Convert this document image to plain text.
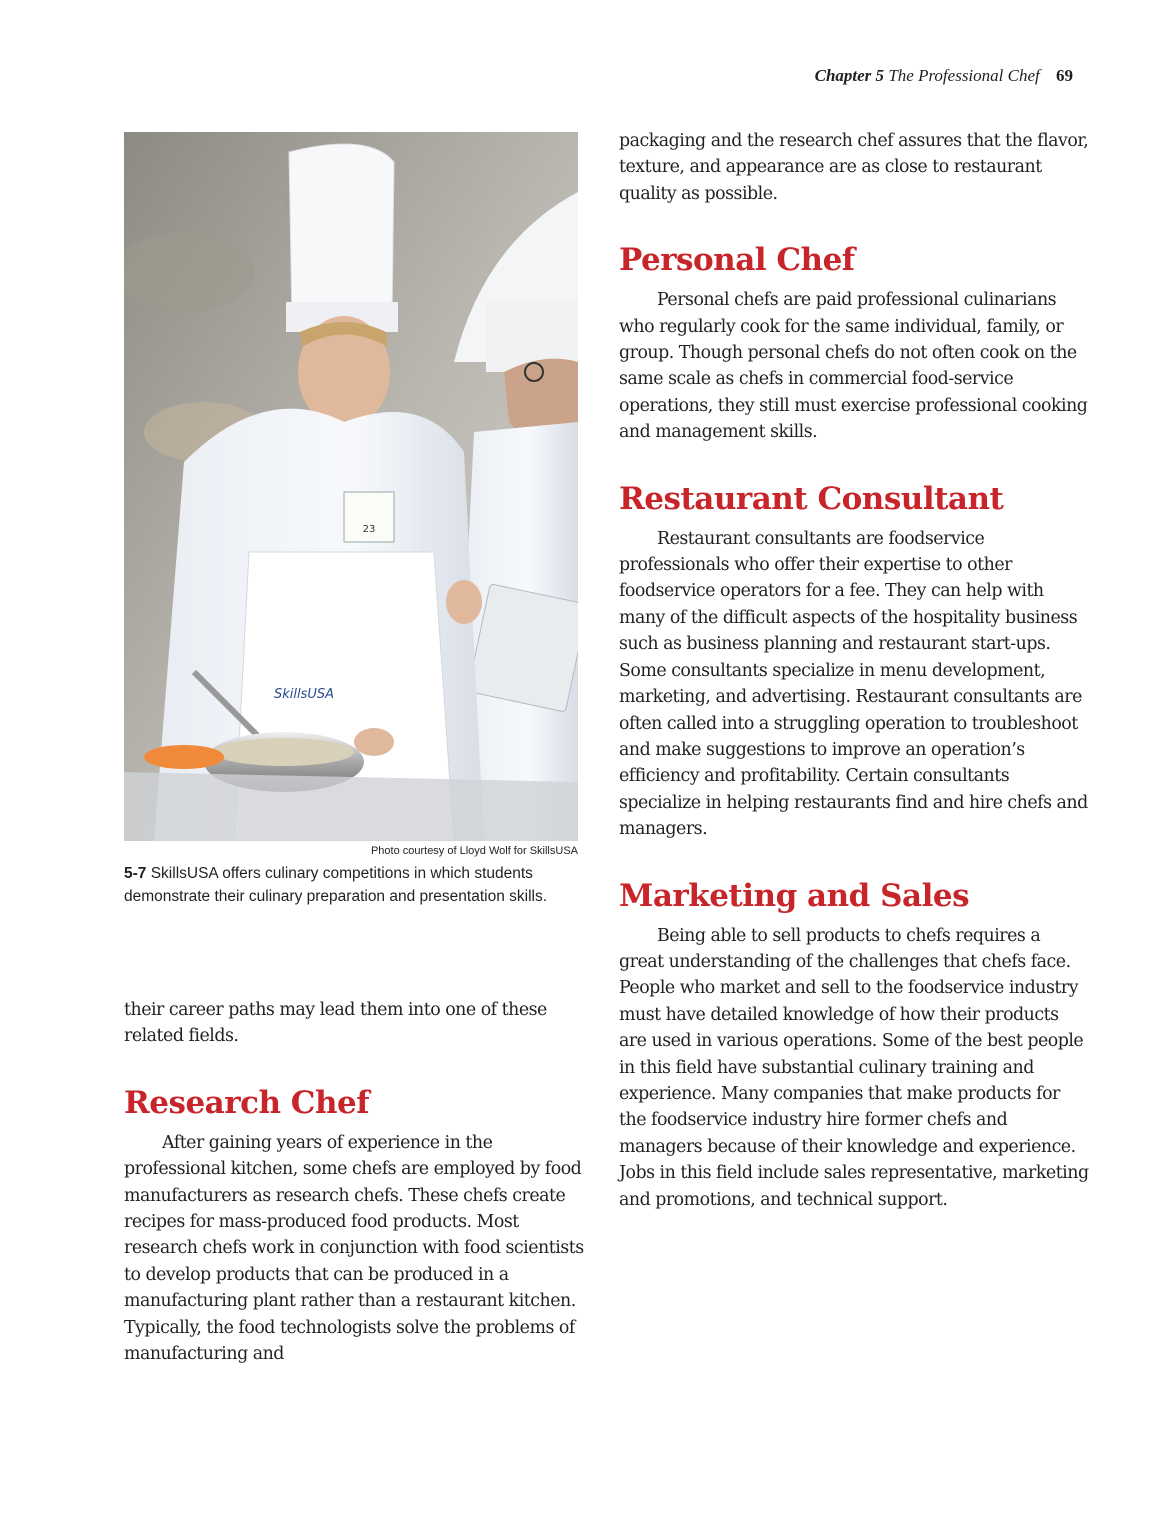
Chapter 5 The Professional Chef 69
23
SkillsUSA
Photo courtesy of Lloyd Wolf for SkillsUSA
5-7 SkillsUSA offers culinary competitions in which students demonstrate their culinary preparation and presentation skills.

their career paths may lead them into one of these related fields.

Research Chef

After gaining years of experience in the professional kitchen, some chefs are employed by food manufacturers as research chefs. These chefs create recipes for mass-produced food products. Most research chefs work in conjunction with food scientists to develop products that can be produced in a manufacturing plant rather than a restaurant kitchen. Typically, the food technologists solve the problems of manufacturing and

packaging and the research chef assures that the flavor, texture, and appearance are as close to restaurant quality as possible.

Personal Chef

Personal chefs are paid professional culinarians who regularly cook for the same individual, family, or group. Though personal chefs do not often cook on the same scale as chefs in commercial food-service operations, they still must exercise professional cooking and management skills.

Restaurant Consultant

Restaurant consultants are foodservice professionals who offer their expertise to other foodservice operators for a fee. They can help with many of the difficult aspects of the hospitality business such as business planning and restaurant start-ups. Some consultants specialize in menu development, marketing, and advertising. Restaurant consultants are often called into a struggling operation to troubleshoot and make suggestions to improve an operation’s efficiency and profitability. Certain consultants specialize in helping restaurants find and hire chefs and managers.

Marketing and Sales

Being able to sell products to chefs requires a great understanding of the challenges that chefs face. People who market and sell to the foodservice industry must have detailed knowledge of how their products are used in various operations. Some of the best people in this field have substantial culinary training and experience. Many companies that make products for the foodservice industry hire former chefs and managers because of their knowledge and experience. Jobs in this field include sales representative, marketing and promotions, and technical support.
